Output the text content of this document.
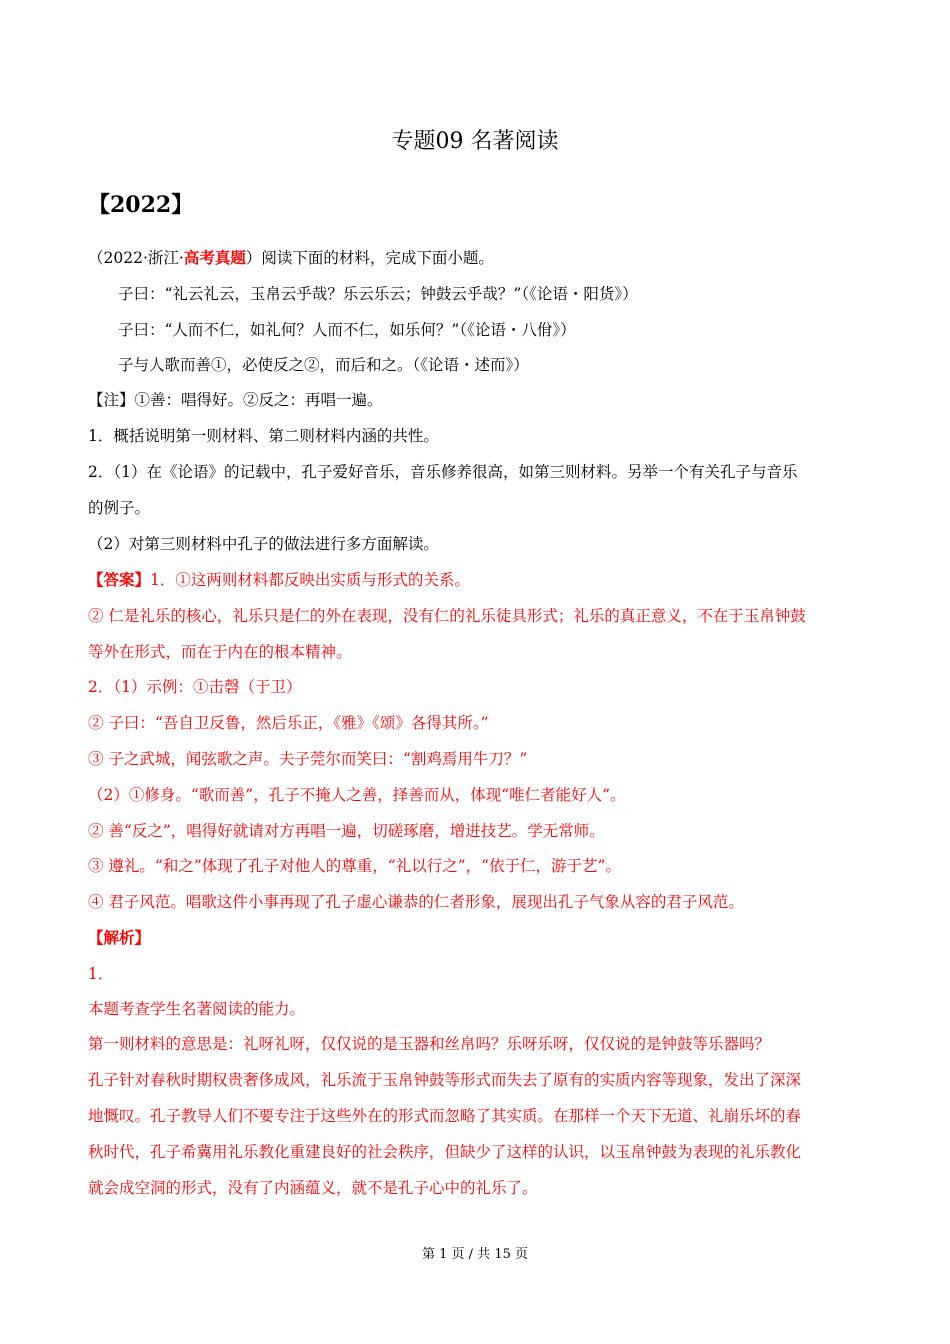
专题09 名著阅读
【2022】
（2022·浙江·高考真题）阅读下面的材料，完成下面小题。
子曰：“礼云礼云，玉帛云乎哉？乐云乐云；钟鼓云乎哉？”（《论语・阳货》）
子曰：“人而不仁，如礼何？人而不仁，如乐何？”（《论语・八佾》）
子与人歌而善①，必使反之②，而后和之。（《论语・述而》）
【注】①善：唱得好。②反之：再唱一遍。
1．概括说明第一则材料、第二则材料内涵的共性。
2．（1）在《论语》的记载中，孔子爱好音乐，音乐修养很高，如第三则材料。另举一个有关孔子与音乐
的例子。
（2）对第三则材料中孔子的做法进行多方面解读。
【答案】1．①这两则材料都反映出实质与形式的关系。
② 仁是礼乐的核心，礼乐只是仁的外在表现，没有仁的礼乐徒具形式；礼乐的真正意义，不在于玉帛钟鼓
等外在形式，而在于内在的根本精神。
2．（1）示例：①击磬（于卫）
② 子曰：“吾自卫反鲁，然后乐正，《雅》《颂》各得其所。”
③ 子之武城，闻弦歌之声。夫子莞尔而笑曰：“割鸡焉用牛刀？”
（2）①修身。“歌而善”，孔子不掩人之善，择善而从，体现“唯仁者能好人”。
② 善“反之”，唱得好就请对方再唱一遍，切磋琢磨，增进技艺。学无常师。
③ 遵礼。“和之”体现了孔子对他人的尊重，“礼以行之”，“依于仁，游于艺”。
④ 君子风范。唱歌这件小事再现了孔子虚心谦恭的仁者形象，展现出孔子气象从容的君子风范。
【解析】
1．
本题考查学生名著阅读的能力。
第一则材料的意思是：礼呀礼呀，仅仅说的是玉器和丝帛吗？乐呀乐呀，仅仅说的是钟鼓等乐器吗？
孔子针对春秋时期权贵奢侈成风，礼乐流于玉帛钟鼓等形式而失去了原有的实质内容等现象，发出了深深
地慨叹。孔子教导人们不要专注于这些外在的形式而忽略了其实质。在那样一个天下无道、礼崩乐坏的春
秋时代，孔子希冀用礼乐教化重建良好的社会秩序，但缺少了这样的认识，以玉帛钟鼓为表现的礼乐教化
就会成空洞的形式，没有了内涵蕴义，就不是孔子心中的礼乐了。
第 1 页 / 共 15 页
